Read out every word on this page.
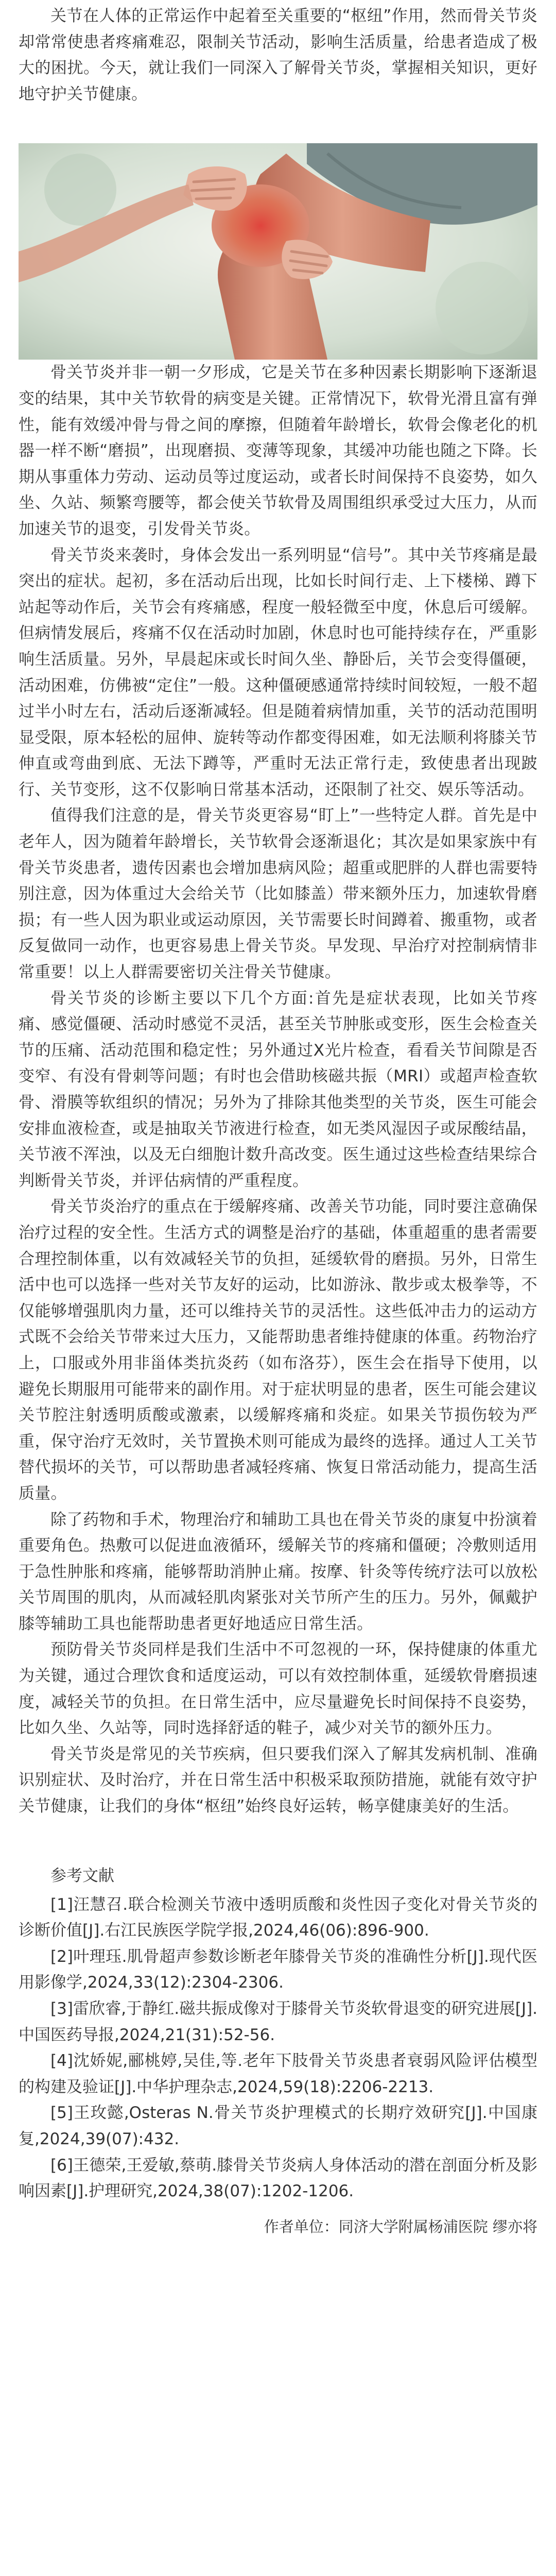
关节在人体的正常运作中起着至关重要的“枢纽”作用，然而骨关节炎却常常使患者疼痛难忍，限制关节活动，影响生活质量，给患者造成了极大的困扰。今天，就让我们一同深入了解骨关节炎，掌握相关知识，更好地守护关节健康。

骨关节炎并非一朝一夕形成，它是关节在多种因素长期影响下逐渐退变的结果，其中关节软骨的病变是关键。正常情况下，软骨光滑且富有弹性，能有效缓冲骨与骨之间的摩擦，但随着年龄增长，软骨会像老化的机器一样不断“磨损”，出现磨损、变薄等现象，其缓冲功能也随之下降。长期从事重体力劳动、运动员等过度运动，或者长时间保持不良姿势，如久坐、久站、频繁弯腰等，都会使关节软骨及周围组织承受过大压力，从而加速关节的退变，引发骨关节炎。

骨关节炎来袭时，身体会发出一系列明显“信号”。其中关节疼痛是最突出的症状。起初，多在活动后出现，比如长时间行走、上下楼梯、蹲下站起等动作后，关节会有疼痛感，程度一般轻微至中度，休息后可缓解。但病情发展后，疼痛不仅在活动时加剧，休息时也可能持续存在，严重影响生活质量。另外，早晨起床或长时间久坐、静卧后，关节会变得僵硬，活动困难，仿佛被“定住”一般。这种僵硬感通常持续时间较短，一般不超过半小时左右，活动后逐渐减轻。但是随着病情加重，关节的活动范围明显受限，原本轻松的屈伸、旋转等动作都变得困难，如无法顺利将膝关节伸直或弯曲到底、无法下蹲等，严重时无法正常行走，致使患者出现跛行、关节变形，这不仅影响日常基本活动，还限制了社交、娱乐等活动。

值得我们注意的是，骨关节炎更容易“盯上”一些特定人群。首先是中老年人，因为随着年龄增长，关节软骨会逐渐退化；其次是如果家族中有骨关节炎患者，遗传因素也会增加患病风险；超重或肥胖的人群也需要特别注意，因为体重过大会给关节（比如膝盖）带来额外压力，加速软骨磨损；有一些人因为职业或运动原因，关节需要长时间蹲着、搬重物，或者反复做同一动作，也更容易患上骨关节炎。早发现、早治疗对控制病情非常重要！以上人群需要密切关注骨关节健康。

骨关节炎的诊断主要以下几个方面:首先是症状表现，比如关节疼痛、感觉僵硬、活动时感觉不灵活，甚至关节肿胀或变形，医生会检查关节的压痛、活动范围和稳定性；另外通过X光片检查，看看关节间隙是否变窄、有没有骨刺等问题；有时也会借助核磁共振（MRI）或超声检查软骨、滑膜等软组织的情况；另外为了排除其他类型的关节炎，医生可能会安排血液检查，或是抽取关节液进行检查，如无类风湿因子或尿酸结晶，关节液不浑浊，以及无白细胞计数升高改变。医生通过这些检查结果综合判断骨关节炎，并评估病情的严重程度。

骨关节炎治疗的重点在于缓解疼痛、改善关节功能，同时要注意确保治疗过程的安全性。生活方式的调整是治疗的基础，体重超重的患者需要合理控制体重，以有效减轻关节的负担，延缓软骨的磨损。另外，日常生活中也可以选择一些对关节友好的运动，比如游泳、散步或太极拳等，不仅能够增强肌肉力量，还可以维持关节的灵活性。这些低冲击力的运动方式既不会给关节带来过大压力，又能帮助患者维持健康的体重。药物治疗上，口服或外用非甾体类抗炎药（如布洛芬），医生会在指导下使用，以避免长期服用可能带来的副作用。对于症状明显的患者，医生可能会建议关节腔注射透明质酸或激素，以缓解疼痛和炎症。如果关节损伤较为严重，保守治疗无效时，关节置换术则可能成为最终的选择。通过人工关节替代损坏的关节，可以帮助患者减轻疼痛、恢复日常活动能力，提高生活质量。

除了药物和手术，物理治疗和辅助工具也在骨关节炎的康复中扮演着重要角色。热敷可以促进血液循环，缓解关节的疼痛和僵硬；冷敷则适用于急性肿胀和疼痛，能够帮助消肿止痛。按摩、针灸等传统疗法可以放松关节周围的肌肉，从而减轻肌肉紧张对关节所产生的压力。另外，佩戴护膝等辅助工具也能帮助患者更好地适应日常生活。

预防骨关节炎同样是我们生活中不可忽视的一环，保持健康的体重尤为关键，通过合理饮食和适度运动，可以有效控制体重，延缓软骨磨损速度，减轻关节的负担。在日常生活中，应尽量避免长时间保持不良姿势，比如久坐、久站等，同时选择舒适的鞋子，减少对关节的额外压力。

骨关节炎是常见的关节疾病，但只要我们深入了解其发病机制、准确识别症状、及时治疗，并在日常生活中积极采取预防措施，就能有效守护关节健康，让我们的身体“枢纽”始终良好运转，畅享健康美好的生活。

参考文献

[1]汪慧召.联合检测关节液中透明质酸和炎性因子变化对骨关节炎的诊断价值[J].右江民族医学院学报,2024,46(06):896-900.

[2]叶理珏.肌骨超声参数诊断老年膝骨关节炎的准确性分析[J].现代医用影像学,2024,33(12):2304-2306.

[3]雷欣睿,于静红.磁共振成像对于膝骨关节炎软骨退变的研究进展[J].中国医药导报,2024,21(31):52-56.

[4]沈娇妮,郦桃婷,吴佳,等.老年下肢骨关节炎患者衰弱风险评估模型的构建及验证[J].中华护理杂志,2024,59(18):2206-2213.

[5]王玫懿,Osteras N.骨关节炎护理模式的长期疗效研究[J].中国康复,2024,39(07):432.

[6]王德荣,王爱敏,蔡萌.膝骨关节炎病人身体活动的潜在剖面分析及影响因素[J].护理研究,2024,38(07):1202-1206.

作者单位：同济大学附属杨浦医院 缪亦将
